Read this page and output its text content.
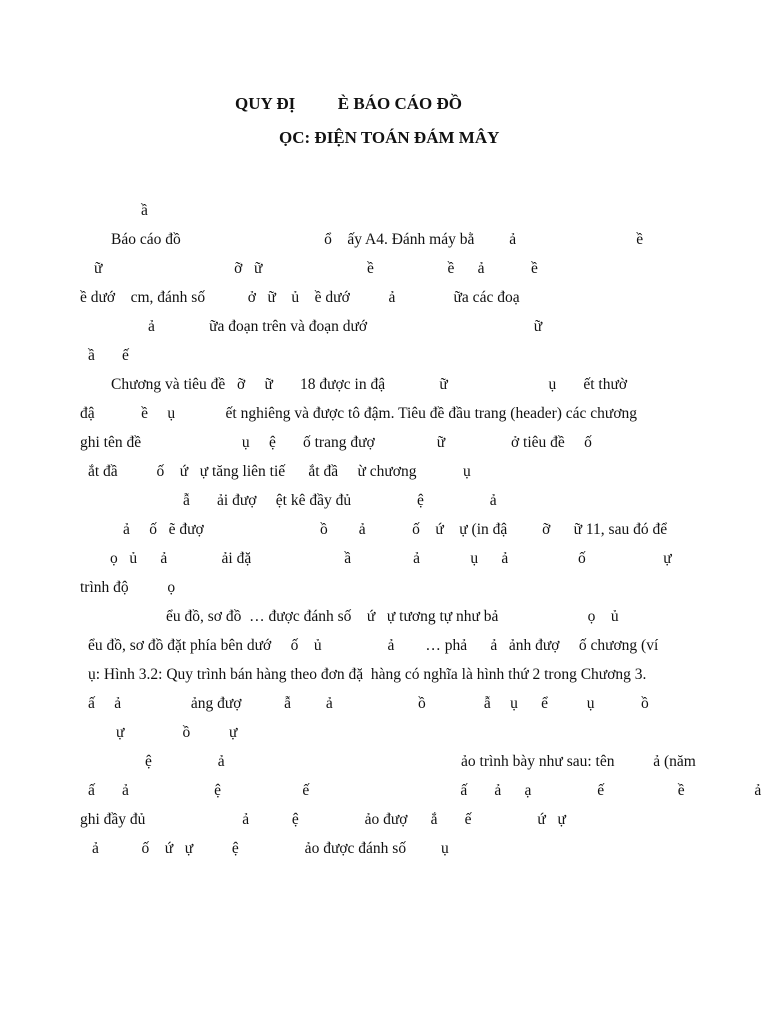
QUY ĐỊ          È BÁO CÁO ĐỒ
ỌC: ĐIỆN TOÁN ĐÁM MÂY
ầ
Báo cáo đồ                                     ổ    ấy A4. Đánh máy bằ         ả                               ề
ữ                                  ỡ   ữ                           ề                   ề      ả            ề
ề dướ    cm, đánh số           ở   ữ    ủ    ề dướ          ả               ữa các đoạ
ả              ữa đoạn trên và đoạn dướ                                           ữ
ầ       ế
Chương và tiêu đề   ỡ     ữ       18 được in đậ              ữ                          ụ       ết thườ
đậ            ề     ụ             ết nghiêng và được tô đậm. Tiêu đề đầu trang (header) các chương
ghi tên đề                          ụ     ệ       ố trang đượ                ữ                 ở tiêu đề     ố
ắt đầ          ố    ứ   ự tăng liên tiế      ắt đầ     ừ chương            ụ
ẫ       ải đượ     ệt kê đầy đủ                 ệ                 ả
ả     ố   ẽ đượ                              ồ        ả            ố    ứ    ự (in đậ         ỡ      ữ 11, sau đó để
ọ   ủ      ả              ải đặ                        ầ                ả             ụ      ả                  ố                    ự
trình độ          ọ
ểu đồ, sơ đồ  … được đánh số    ứ   ự tương tự như bả                       ọ    ủ
ểu đồ, sơ đồ đặt phía bên dướ     ố    ủ                 ả        … phả      ả   ảnh đượ     ố chương (ví
ụ: Hình 3.2: Quy trình bán hàng theo đơn đặ  hàng có nghĩa là hình thứ 2 trong Chương 3.
ấ     ả                  ảng đượ           ẫ         ả                      ồ               ẫ     ụ      ể          ụ            ồ
ự               ồ          ự
ệ                 ả                                                             ảo trình bày như sau: tên          ả (năm
ấ       ả                      ệ                     ế                                       ấ       ả      ạ                 ế                   ề                  ả
ghi đầy đủ                         ả           ệ                 ảo đượ      ắ       ế                 ứ   ự
ả           ố    ứ   ự          ệ                 ảo được đánh số         ụ
